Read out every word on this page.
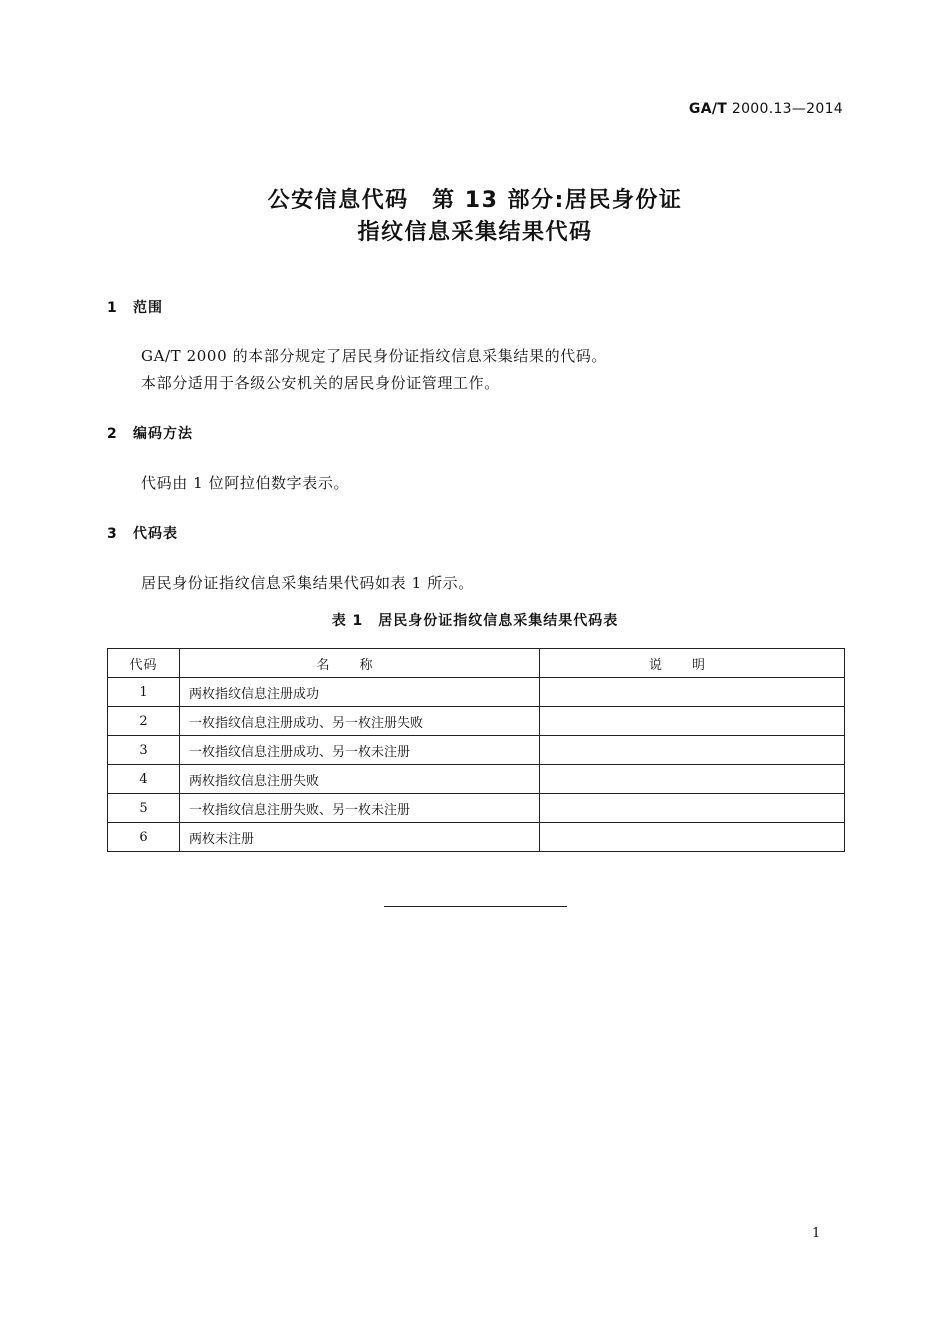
GA/T 2000.13—2014
公安信息代码　第 13 部分:居民身份证
指纹信息采集结果代码
1 范围
GA/T 2000 的本部分规定了居民身份证指纹信息采集结果的代码。
本部分适用于各级公安机关的居民身份证管理工作。
2 编码方法
代码由 1 位阿拉伯数字表示。
3 代码表
居民身份证指纹信息采集结果代码如表 1 所示。
表 1　居民身份证指纹信息采集结果代码表
代码	名称	说明
1	两枚指纹信息注册成功	
2	一枚指纹信息注册成功、另一枚注册失败	
3	一枚指纹信息注册成功、另一枚未注册	
4	两枚指纹信息注册失败	
5	一枚指纹信息注册失败、另一枚未注册	
6	两枚未注册	
1
